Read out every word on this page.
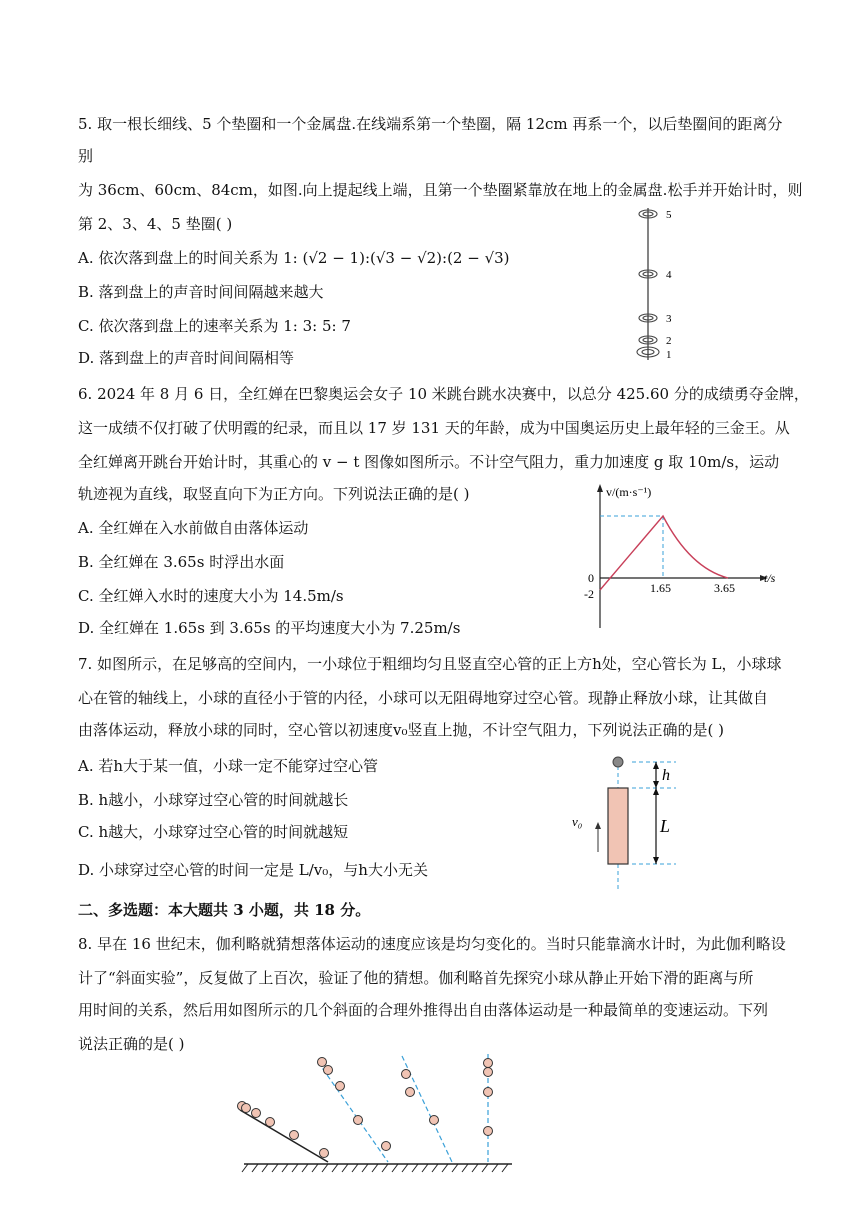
5. 取一根长细线、5 个垫圈和一个金属盘.在线端系第一个垫圈，隔 12cm 再系一个，以后垫圈间的距离分
别
为 36cm、60cm、84cm，如图.向上提起线上端，且第一个垫圈紧靠放在地上的金属盘.松手并开始计时，则
第 2、3、4、5 垫圈( )
A. 依次落到盘上的时间关系为 1: (√2 − 1):(√3 − √2):(2 − √3)
B. 落到盘上的声音时间间隔越来越大
C. 依次落到盘上的速率关系为 1: 3: 5: 7
D. 落到盘上的声音时间间隔相等
5
4
3
2
1
6. 2024 年 8 月 6 日，全红婵在巴黎奥运会女子 10 米跳台跳水决赛中，以总分 425.60 分的成绩勇夺金牌，
这一成绩不仅打破了伏明霞的纪录，而且以 17 岁 131 天的年龄，成为中国奥运历史上最年轻的三金王。从
全红婵离开跳台开始计时，其重心的 v − t 图像如图所示。不计空气阻力，重力加速度 g 取 10m/s，运动
轨迹视为直线，取竖直向下为正方向。下列说法正确的是( )
A. 全红婵在入水前做自由落体运动
B. 全红婵在 3.65s 时浮出水面
C. 全红婵入水时的速度大小为 14.5m/s
D. 全红婵在 1.65s 到 3.65s 的平均速度大小为 7.25m/s
v/(m·s⁻¹)
t/s
0
-2	1.65	3.65
7. 如图所示，在足够高的空间内，一小球位于粗细均匀且竖直空心管的正上方h处，空心管长为 L，小球球
心在管的轴线上，小球的直径小于管的内径，小球可以无阻碍地穿过空心管。现静止释放小球，让其做自
由落体运动，释放小球的同时，空心管以初速度v₀竖直上抛，不计空气阻力，下列说法正确的是( )
A. 若h大于某一值，小球一定不能穿过空心管
B. h越小，小球穿过空心管的时间就越长
C. h越大，小球穿过空心管的时间就越短
D. 小球穿过空心管的时间一定是 L/v₀，与h大小无关
h
L
v₀
二、多选题：本大题共 3 小题，共 18 分。
8. 早在 16 世纪末，伽利略就猜想落体运动的速度应该是均匀变化的。当时只能靠滴水计时，为此伽利略设
计了“斜面实验”，反复做了上百次，验证了他的猜想。伽利略首先探究小球从静止开始下滑的距离与所
用时间的关系，然后用如图所示的几个斜面的合理外推得出自由落体运动是一种最简单的变速运动。下列
说法正确的是( )
